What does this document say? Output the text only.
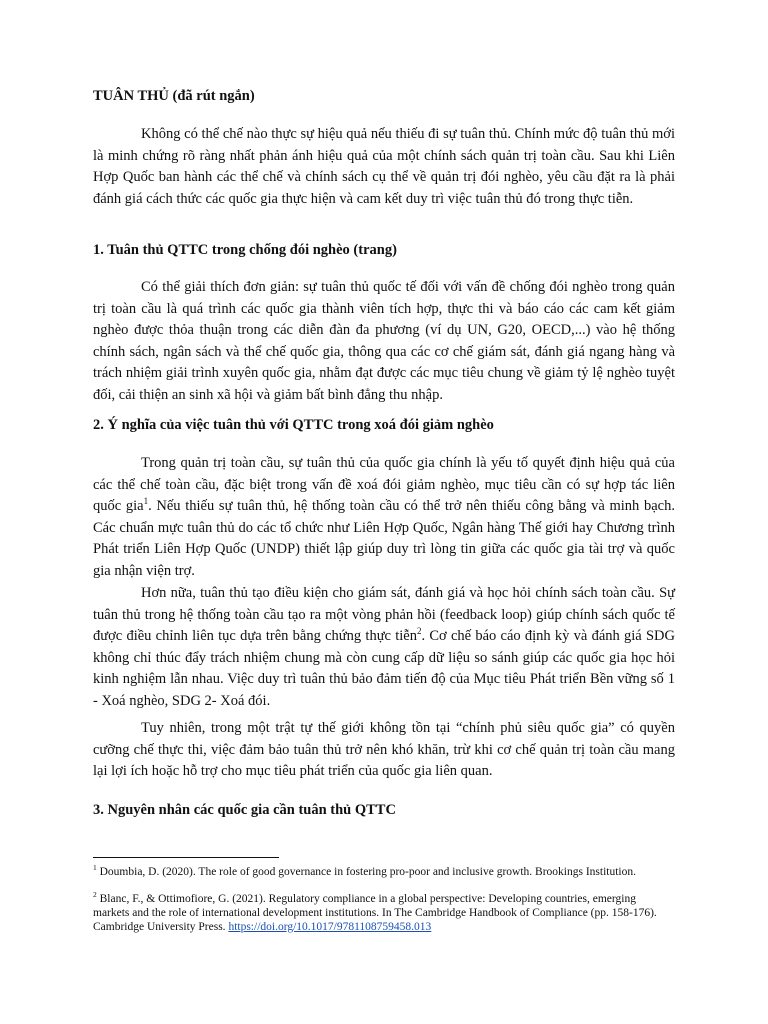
TUÂN THỦ (đã rút ngắn)

Không có thể chế nào thực sự hiệu quả nếu thiếu đi sự tuân thủ. Chính mức độ tuân thủ mới là minh chứng rõ ràng nhất phản ánh hiệu quả của một chính sách quản trị toàn cầu. Sau khi Liên Hợp Quốc ban hành các thể chế và chính sách cụ thể về quản trị đói nghèo, yêu cầu đặt ra là phải đánh giá cách thức các quốc gia thực hiện và cam kết duy trì việc tuân thủ đó trong thực tiễn.

1. Tuân thủ QTTC trong chống đói nghèo (trang)

Có thể giải thích đơn giản: sự tuân thủ quốc tế đối với vấn đề chống đói nghèo trong quản trị toàn cầu là quá trình các quốc gia thành viên tích hợp, thực thi và báo cáo các cam kết giảm nghèo được thỏa thuận trong các diễn đàn đa phương (ví dụ UN, G20, OECD,...) vào hệ thống chính sách, ngân sách và thể chế quốc gia, thông qua các cơ chế giám sát, đánh giá ngang hàng và trách nhiệm giải trình xuyên quốc gia, nhằm đạt được các mục tiêu chung về giảm tỷ lệ nghèo tuyệt đối, cải thiện an sinh xã hội và giảm bất bình đẳng thu nhập.

2. Ý nghĩa của việc tuân thủ với QTTC trong xoá đói giảm nghèo

Trong quản trị toàn cầu, sự tuân thủ của quốc gia chính là yếu tố quyết định hiệu quả của các thể chế toàn cầu, đặc biệt trong vấn đề xoá đói giảm nghèo, mục tiêu cần có sự hợp tác liên quốc gia$^1$. Nếu thiếu sự tuân thủ, hệ thống toàn cầu có thể trở nên thiếu công bằng và minh bạch. Các chuẩn mực tuân thủ do các tổ chức như Liên Hợp Quốc, Ngân hàng Thế giới hay Chương trình Phát triển Liên Hợp Quốc (UNDP) thiết lập giúp duy trì lòng tin giữa các quốc gia tài trợ và quốc gia nhận viện trợ.

Hơn nữa, tuân thủ tạo điều kiện cho giám sát, đánh giá và học hỏi chính sách toàn cầu. Sự tuân thủ trong hệ thống toàn cầu tạo ra một vòng phản hồi (feedback loop) giúp chính sách quốc tế được điều chỉnh liên tục dựa trên bằng chứng thực tiễn$^2$. Cơ chế báo cáo định kỳ và đánh giá SDG không chỉ thúc đẩy trách nhiệm chung mà còn cung cấp dữ liệu so sánh giúp các quốc gia học hỏi kinh nghiệm lẫn nhau. Việc duy trì tuân thủ bảo đảm tiến độ của Mục tiêu Phát triển Bền vững số 1 - Xoá nghèo, SDG 2- Xoá đói.

Tuy nhiên, trong một trật tự thế giới không tồn tại “chính phủ siêu quốc gia” có quyền cưỡng chế thực thi, việc đảm bảo tuân thủ trở nên khó khăn, trừ khi cơ chế quản trị toàn cầu mang lại lợi ích hoặc hỗ trợ cho mục tiêu phát triển của quốc gia liên quan.

3. Nguyên nhân các quốc gia cần tuân thủ QTTC

$^1$ Doumbia, D. (2020). The role of good governance in fostering pro-poor and inclusive growth. Brookings Institution.

$^2$ Blanc, F., & Ottimofiore, G. (2021). Regulatory compliance in a global perspective: Developing countries, emerging markets and the role of international development institutions. In The Cambridge Handbook of Compliance (pp. 158-176). Cambridge University Press. https://doi.org/10.1017/9781108759458.013
